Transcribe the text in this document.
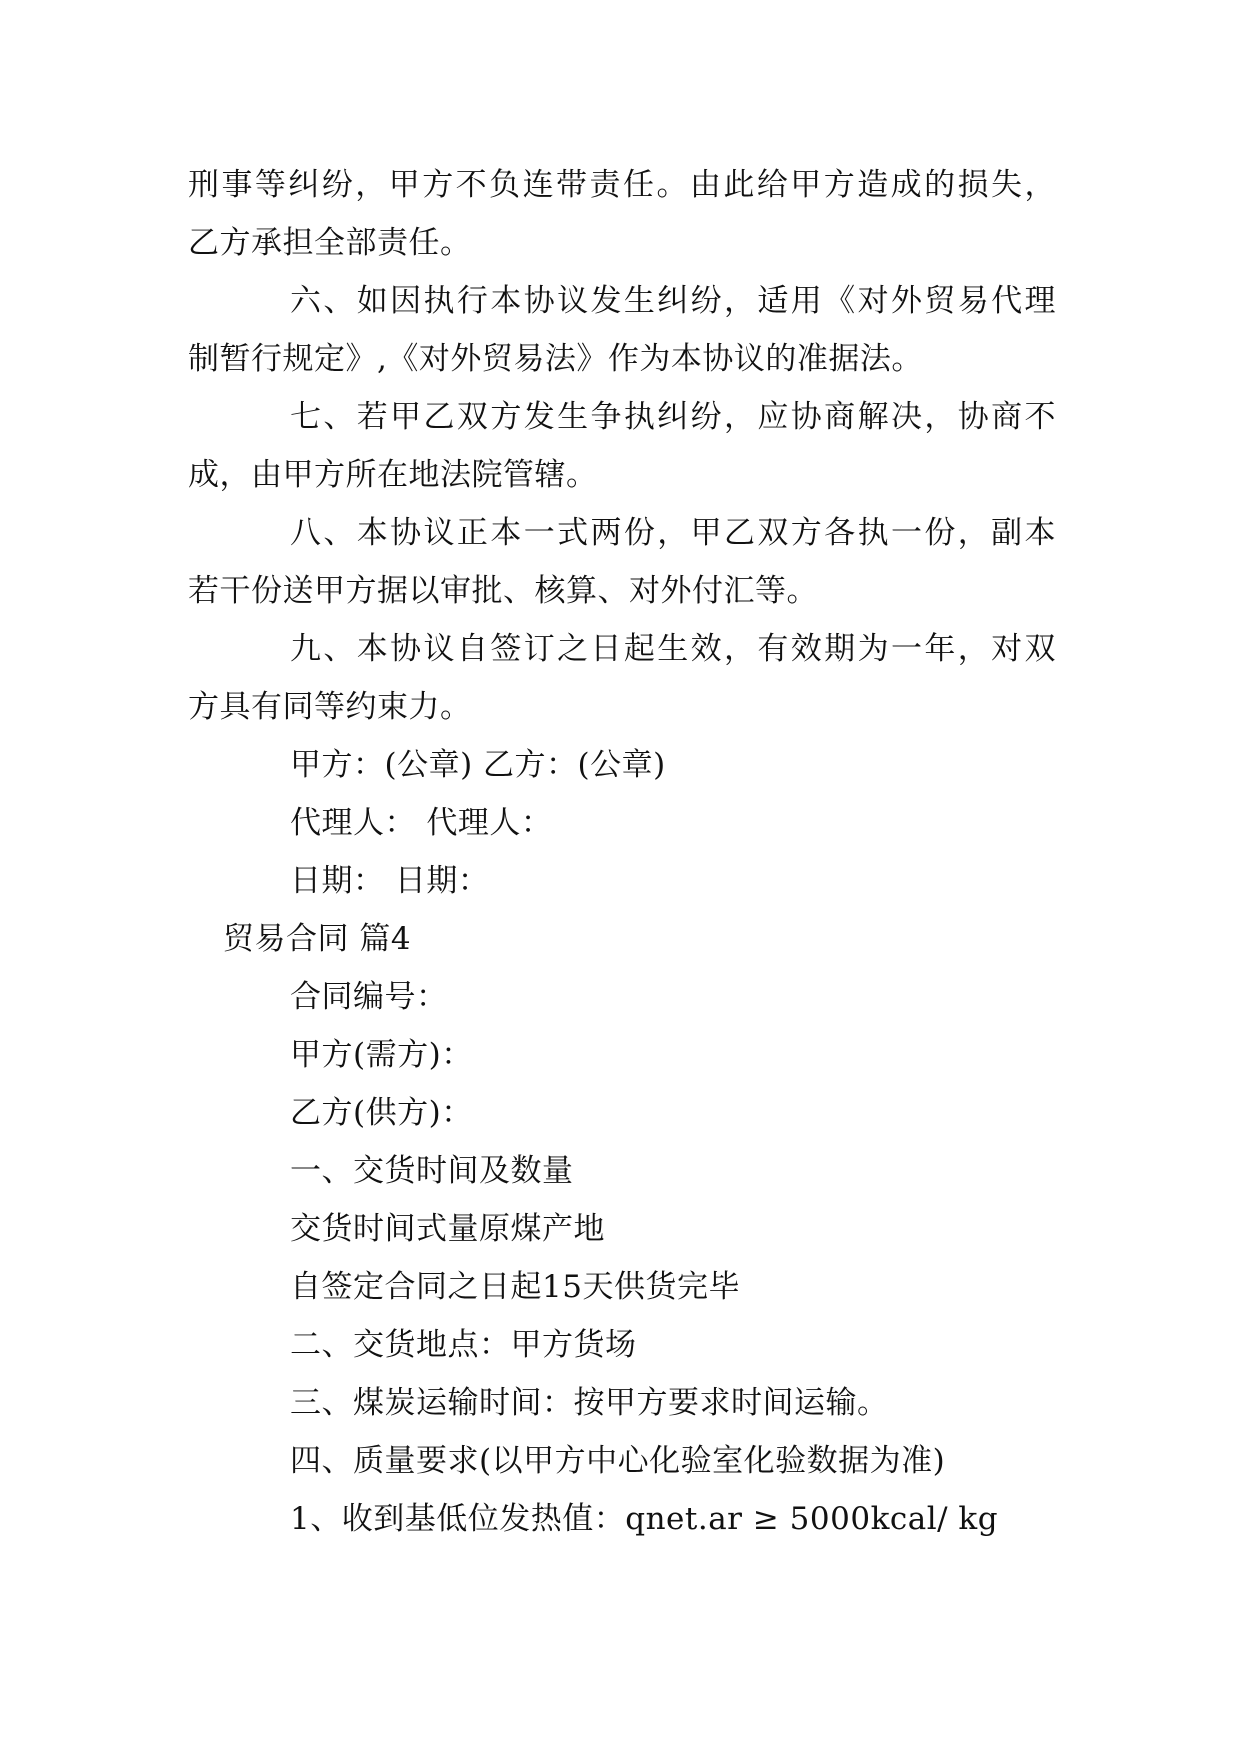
刑事等纠纷，甲方不负连带责任。由此给甲方造成的损失，
乙方承担全部责任。
六、如因执行本协议发生纠纷，适用《对外贸易代理
制暂行规定》,《对外贸易法》作为本协议的准据法。
七、若甲乙双方发生争执纠纷，应协商解决，协商不
成，由甲方所在地法院管辖。
八、本协议正本一式两份，甲乙双方各执一份，副本
若干份送甲方据以审批、核算、对外付汇等。
九、本协议自签订之日起生效，有效期为一年，对双
方具有同等约束力。
甲方：(公章) 乙方：(公章)
代理人： 代理人：
日期： 日期：
贸易合同 篇4
合同编号：
甲方(需方)：
乙方(供方)：
一、交货时间及数量
交货时间式量原煤产地
自签定合同之日起15天供货完毕
二、交货地点：甲方货场
三、煤炭运输时间：按甲方要求时间运输。
四、质量要求(以甲方中心化验室化验数据为准)
1、收到基低位发热值：qnet.ar ≥ 5000kcal/ kg
